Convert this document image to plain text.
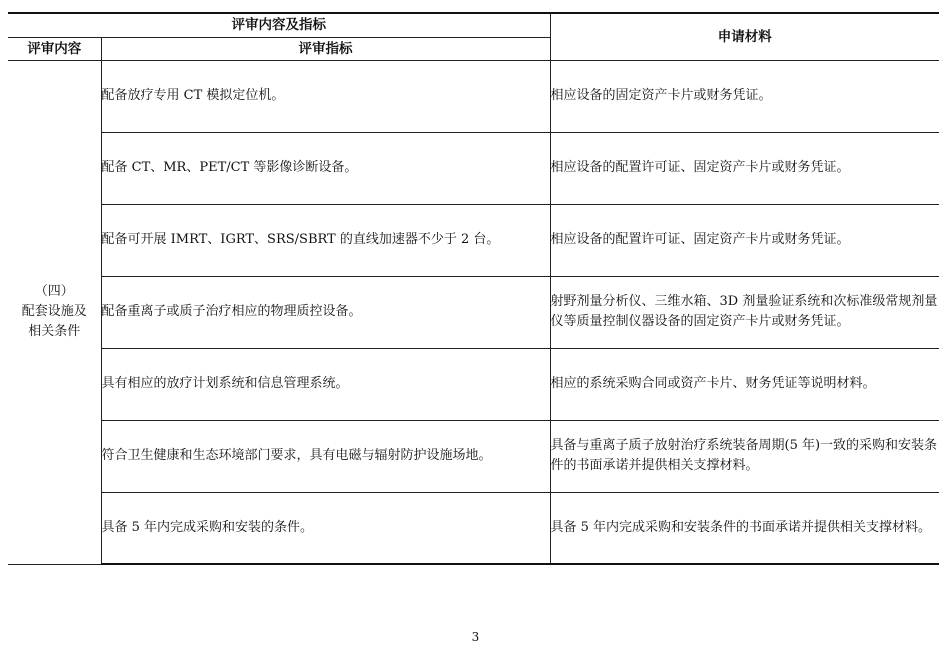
评审内容及指标		申请材料
评审内容	评审指标	

（四）
配套设施及
相关条件	配备放疗专用 CT 模拟定位机。	相应设备的固定资产卡片或财务凭证。
	配备 CT、MR、PET/CT 等影像诊断设备。	相应设备的配置许可证、固定资产卡片或财务凭证。
	配备可开展 IMRT、IGRT、SRS/SBRT 的直线加速器不少于 2 台。	相应设备的配置许可证、固定资产卡片或财务凭证。
	配备重离子或质子治疗相应的物理质控设备。	射野剂量分析仪、三维水箱、3D 剂量验证系统和次标准级常规剂量仪等质量控制仪器设备的固定资产卡片或财务凭证。
	具有相应的放疗计划系统和信息管理系统。	相应的系统采购合同或资产卡片、财务凭证等说明材料。
	符合卫生健康和生态环境部门要求，具有电磁与辐射防护设施场地。	具备与重离子质子放射治疗系统装备周期(5 年)一致的采购和安装条件的书面承诺并提供相关支撑材料。
	具备 5 年内完成采购和安装的条件。	具备 5 年内完成采购和安装条件的书面承诺并提供相关支撑材料。
3
